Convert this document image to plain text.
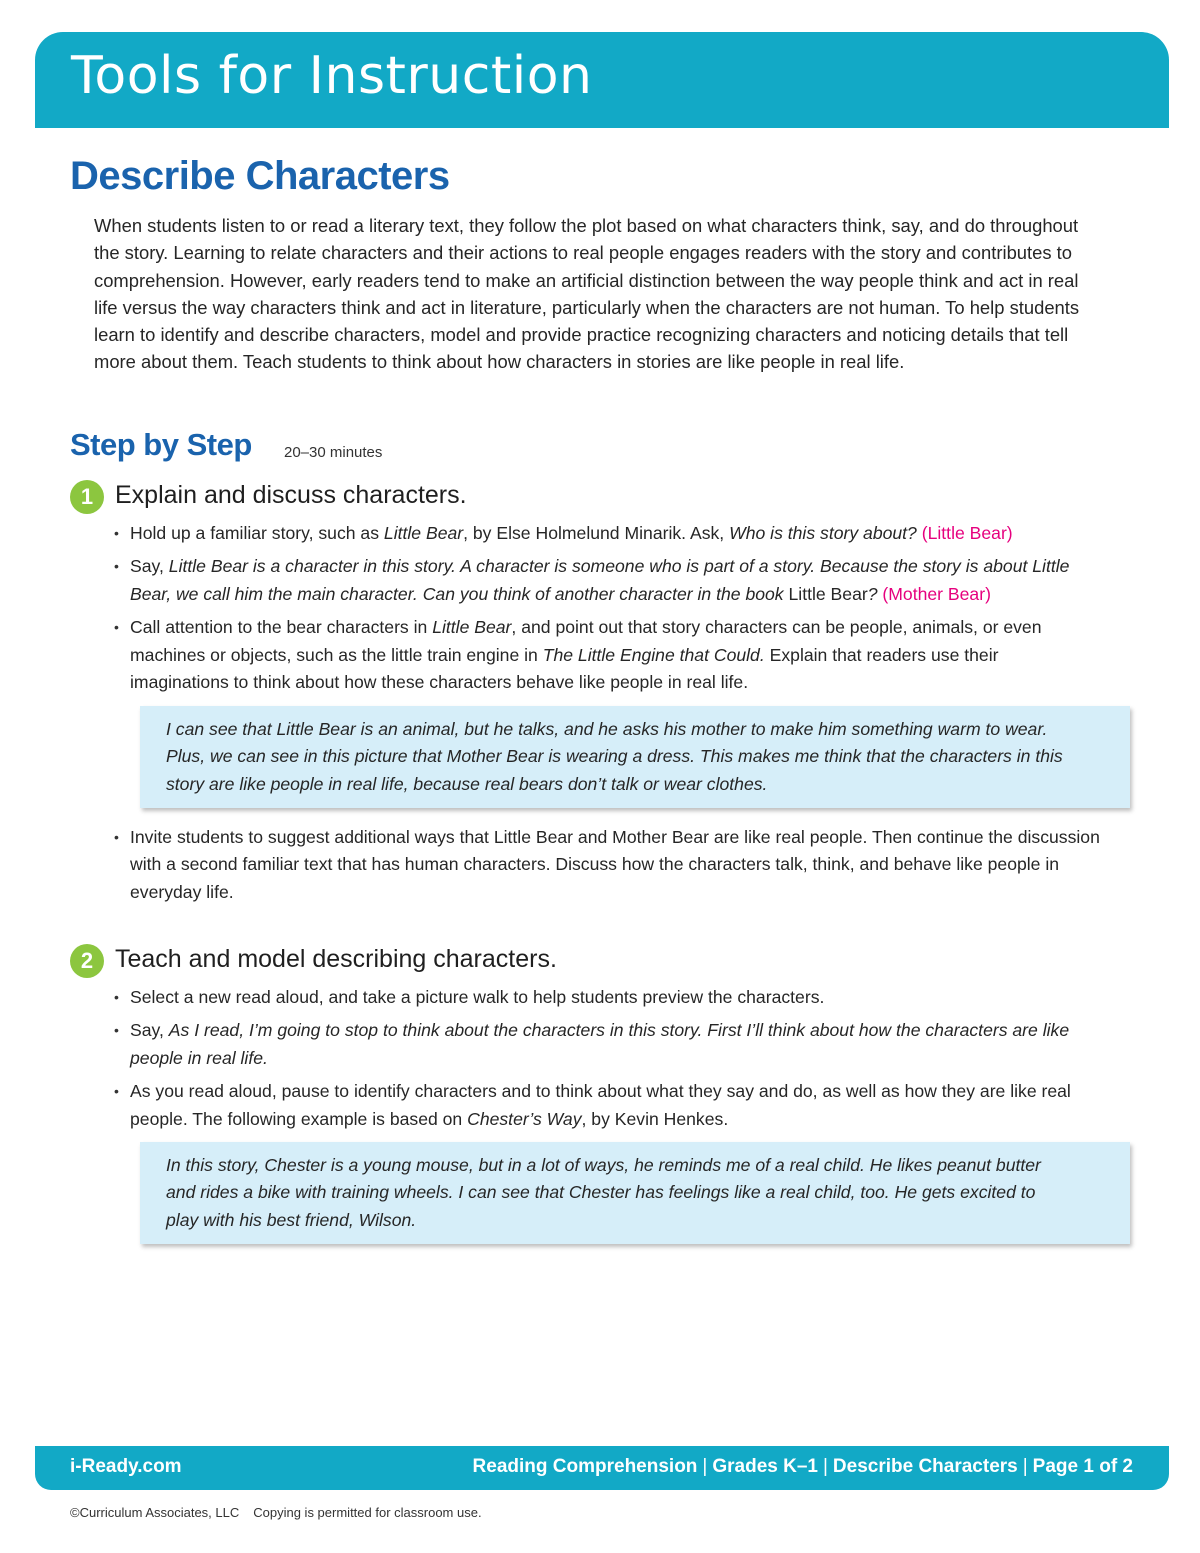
Tools for Instruction
Describe Characters

When students listen to or read a literary text, they follow the plot based on what characters think, say, and do throughout the story. Learning to relate characters and their actions to real people engages readers with the story and contributes to comprehension. However, early readers tend to make an artificial distinction between the way people think and act in real life versus the way characters think and act in literature, particularly when the characters are not human. To help students learn to identify and describe characters, model and provide practice recognizing characters and noticing details that tell more about them. Teach students to think about how characters in stories are like people in real life.

Step by Step 20–30 minutes
1 Explain and discuss characters.
• Hold up a familiar story, such as Little Bear, by Else Holmelund Minarik. Ask, Who is this story about? (Little Bear)
• Say, Little Bear is a character in this story. A character is someone who is part of a story. Because the story is about Little Bear, we call him the main character. Can you think of another character in the book Little Bear? (Mother Bear)
• Call attention to the bear characters in Little Bear, and point out that story characters can be people, animals, or even machines or objects, such as the little train engine in The Little Engine that Could. Explain that readers use their imaginations to think about how these characters behave like people in real life.

I can see that Little Bear is an animal, but he talks, and he asks his mother to make him something warm to wear. Plus, we can see in this picture that Mother Bear is wearing a dress. This makes me think that the characters in this story are like people in real life, because real bears don’t talk or wear clothes.

• Invite students to suggest additional ways that Little Bear and Mother Bear are like real people. Then continue the discussion with a second familiar text that has human characters. Discuss how the characters talk, think, and behave like people in everyday life.
2 Teach and model describing characters.
• Select a new read aloud, and take a picture walk to help students preview the characters.
• Say, As I read, I’m going to stop to think about the characters in this story. First I’ll think about how the characters are like people in real life.
• As you read aloud, pause to identify characters and to think about what they say and do, as well as how they are like real people. The following example is based on Chester’s Way, by Kevin Henkes.

In this story, Chester is a young mouse, but in a lot of ways, he reminds me of a real child. He likes peanut butter and rides a bike with training wheels. I can see that Chester has feelings like a real child, too. He gets excited to play with his best friend, Wilson.

i-Ready.com	Reading Comprehension | Grades K–1 | Describe Characters | Page 1 of 2
©Curriculum Associates, LLC Copying is permitted for classroom use.
